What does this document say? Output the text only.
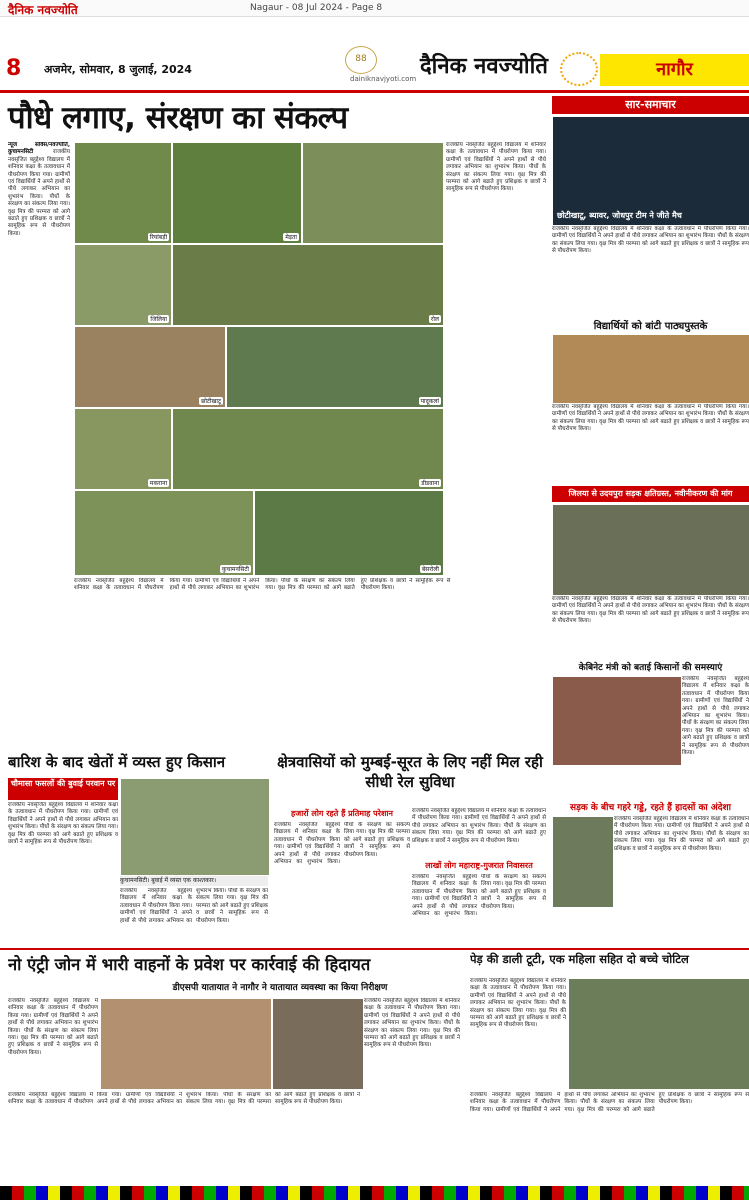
दैनिक नवज्योति	Nagaur - 08 Jul 2024 - Page 8
8	अजमेर, सोमवार, 8 जुलाई, 2024
88
dainiknavjyoti.com दैनिक नवज्योति	नागौर
पौधे लगाए, संरक्षण का संकल्प
न्यूज सर्विस/नवज्योति, कुचामनसिटी	राजकीय नवसृजित बहुद्देश्य विद्यालय में शनिवार कक्षा के तत्वावधान में पौधरोपण किया गया। ग्रामीणों एवं विद्यार्थियों ने अपने हाथों से पौधे लगाकर अभियान का शुभारंभ किया। पौधों के संरक्षण का संकल्प लिया गया। वृक्ष मित्र की परम्परा को आगे बढाते हुए प्रशिक्षक व छात्रों ने सामूहिक रूप से पौधरोपण किया।
रियांबड़ी	मेड़ता
जिलिया	रोल
छोटीखाटू	पादूकलां
मकराना	डीडवाना
कुचामनसिटी	बेसरोली
राजकीय नवसृजित बहुद्देश्य विद्यालय में शनिवार कक्षा के तत्वावधान में पौधरोपण किया गया। ग्रामीणों एवं विद्यार्थियों ने अपने हाथों से पौधे लगाकर अभियान का शुभारंभ किया। पौधों के संरक्षण का संकल्प लिया गया। वृक्ष मित्र की परम्परा को आगे बढाते हुए प्रशिक्षक व छात्रों ने सामूहिक रूप से पौधरोपण किया।
राजकीय नवसृजित बहुद्देश्य विद्यालय में शनिवार कक्षा के तत्वावधान में पौधरोपण किया गया। ग्रामीणों एवं विद्यार्थियों ने अपने हाथों से पौधे लगाकर अभियान का शुभारंभ किया। पौधों के संरक्षण का संकल्प लिया गया। वृक्ष मित्र की परम्परा को आगे बढाते हुए प्रशिक्षक व छात्रों ने सामूहिक रूप से पौधरोपण किया।
बारिश के बाद खेतों में व्यस्त हुए किसान
चौमासा फसलों की बुवाई परवान पर
राजकीय नवसृजित बहुद्देश्य विद्यालय में शनिवार कक्षा के तत्वावधान में पौधरोपण किया गया। ग्रामीणों एवं विद्यार्थियों ने अपने हाथों से पौधे लगाकर अभियान का शुभारंभ किया। पौधों के संरक्षण का संकल्प लिया गया। वृक्ष मित्र की परम्परा को आगे बढाते हुए प्रशिक्षक व छात्रों ने सामूहिक रूप से पौधरोपण किया।
कुचामनसिटी। बुवाई में व्यस्त एक काश्तकार।
राजकीय नवसृजित बहुद्देश्य विद्यालय में शनिवार कक्षा के तत्वावधान में पौधरोपण किया गया। ग्रामीणों एवं विद्यार्थियों ने अपने हाथों से पौधे लगाकर अभियान का शुभारंभ किया। पौधों के संरक्षण का संकल्प लिया गया। वृक्ष मित्र की परम्परा को आगे बढाते हुए प्रशिक्षक व छात्रों ने सामूहिक रूप से पौधरोपण किया।
क्षेत्रवासियों को मुम्बई-सूरत के लिए नहीं मिल रही सीधी रेल सुविधा
हजारों लोग रहते हैं प्रतिमाह परेशान
राजकीय नवसृजित बहुद्देश्य विद्यालय में शनिवार कक्षा के तत्वावधान में पौधरोपण किया गया। ग्रामीणों एवं विद्यार्थियों ने अपने हाथों से पौधे लगाकर अभियान का शुभारंभ किया। पौधों के संरक्षण का संकल्प लिया गया। वृक्ष मित्र की परम्परा को आगे बढाते हुए प्रशिक्षक व छात्रों ने सामूहिक रूप से पौधरोपण किया।
लाखों लोग महाराष्ट्र-गुजरात निवासरत
राजकीय नवसृजित बहुद्देश्य विद्यालय में शनिवार कक्षा के तत्वावधान में पौधरोपण किया गया। ग्रामीणों एवं विद्यार्थियों ने अपने हाथों से पौधे लगाकर अभियान का शुभारंभ किया। पौधों के संरक्षण का संकल्प लिया गया। वृक्ष मित्र की परम्परा को आगे बढाते हुए प्रशिक्षक व छात्रों ने सामूहिक रूप से पौधरोपण किया।
राजकीय नवसृजित बहुद्देश्य विद्यालय में शनिवार कक्षा के तत्वावधान में पौधरोपण किया गया। ग्रामीणों एवं विद्यार्थियों ने अपने हाथों से पौधे लगाकर अभियान का शुभारंभ किया। पौधों के संरक्षण का संकल्प लिया गया। वृक्ष मित्र की परम्परा को आगे बढाते हुए प्रशिक्षक व छात्रों ने सामूहिक रूप से पौधरोपण किया।
सार-समाचार
छोटीखाटू, ब्यावर, जोधपुर टीम ने जीते मैच
राजकीय नवसृजित बहुद्देश्य विद्यालय में शनिवार कक्षा के तत्वावधान में पौधरोपण किया गया। ग्रामीणों एवं विद्यार्थियों ने अपने हाथों से पौधे लगाकर अभियान का शुभारंभ किया। पौधों के संरक्षण का संकल्प लिया गया। वृक्ष मित्र की परम्परा को आगे बढाते हुए प्रशिक्षक व छात्रों ने सामूहिक रूप से पौधरोपण किया।
विद्यार्थियों को बांटी पाठ्यपुस्तके
राजकीय नवसृजित बहुद्देश्य विद्यालय में शनिवार कक्षा के तत्वावधान में पौधरोपण किया गया। ग्रामीणों एवं विद्यार्थियों ने अपने हाथों से पौधे लगाकर अभियान का शुभारंभ किया। पौधों के संरक्षण का संकल्प लिया गया। वृक्ष मित्र की परम्परा को आगे बढाते हुए प्रशिक्षक व छात्रों ने सामूहिक रूप से पौधरोपण किया।
जिलया से उदयपुरा सड़क क्षतिग्रस्त, नवीनीकरण की मांग
राजकीय नवसृजित बहुद्देश्य विद्यालय में शनिवार कक्षा के तत्वावधान में पौधरोपण किया गया। ग्रामीणों एवं विद्यार्थियों ने अपने हाथों से पौधे लगाकर अभियान का शुभारंभ किया। पौधों के संरक्षण का संकल्प लिया गया। वृक्ष मित्र की परम्परा को आगे बढाते हुए प्रशिक्षक व छात्रों ने सामूहिक रूप से पौधरोपण किया।
केबिनेट मंत्री को बताई किसानों की समस्याएं
राजकीय नवसृजित बहुद्देश्य विद्यालय में शनिवार कक्षा के तत्वावधान में पौधरोपण किया गया। ग्रामीणों एवं विद्यार्थियों ने अपने हाथों से पौधे लगाकर अभियान का शुभारंभ किया। पौधों के संरक्षण का संकल्प लिया गया। वृक्ष मित्र की परम्परा को आगे बढाते हुए प्रशिक्षक व छात्रों ने सामूहिक रूप से पौधरोपण किया।
सड़क के बीच गहरे गड्डे, रहते हैं हादसों का अंदेशा
राजकीय नवसृजित बहुद्देश्य विद्यालय में शनिवार कक्षा के तत्वावधान में पौधरोपण किया गया। ग्रामीणों एवं विद्यार्थियों ने अपने हाथों से पौधे लगाकर अभियान का शुभारंभ किया। पौधों के संरक्षण का संकल्प लिया गया। वृक्ष मित्र की परम्परा को आगे बढाते हुए प्रशिक्षक व छात्रों ने सामूहिक रूप से पौधरोपण किया।
नो एंट्री जोन में भारी वाहनों के प्रवेश पर कार्रवाई की हिदायत
डीएसपी यातायात ने नागौर ने यातायात व्यवस्था का किया निरीक्षण
राजकीय नवसृजित बहुद्देश्य विद्यालय में शनिवार कक्षा के तत्वावधान में पौधरोपण किया गया। ग्रामीणों एवं विद्यार्थियों ने अपने हाथों से पौधे लगाकर अभियान का शुभारंभ किया। पौधों के संरक्षण का संकल्प लिया गया। वृक्ष मित्र की परम्परा को आगे बढाते हुए प्रशिक्षक व छात्रों ने सामूहिक रूप से पौधरोपण किया।
राजकीय नवसृजित बहुद्देश्य विद्यालय में शनिवार कक्षा के तत्वावधान में पौधरोपण किया गया। ग्रामीणों एवं विद्यार्थियों ने अपने हाथों से पौधे लगाकर अभियान का शुभारंभ किया। पौधों के संरक्षण का संकल्प लिया गया। वृक्ष मित्र की परम्परा को आगे बढाते हुए प्रशिक्षक व छात्रों ने सामूहिक रूप से पौधरोपण किया।
राजकीय नवसृजित बहुद्देश्य विद्यालय में शनिवार कक्षा के तत्वावधान में पौधरोपण किया गया। ग्रामीणों एवं विद्यार्थियों ने अपने हाथों से पौधे लगाकर अभियान का शुभारंभ किया। पौधों के संरक्षण का संकल्प लिया गया। वृक्ष मित्र की परम्परा को आगे बढाते हुए प्रशिक्षक व छात्रों ने सामूहिक रूप से पौधरोपण किया।
पेड़ की डाली टूटी, एक महिला सहित दो बच्चे चोटिल
राजकीय नवसृजित बहुद्देश्य विद्यालय में शनिवार कक्षा के तत्वावधान में पौधरोपण किया गया। ग्रामीणों एवं विद्यार्थियों ने अपने हाथों से पौधे लगाकर अभियान का शुभारंभ किया। पौधों के संरक्षण का संकल्प लिया गया। वृक्ष मित्र की परम्परा को आगे बढाते हुए प्रशिक्षक व छात्रों ने सामूहिक रूप से पौधरोपण किया।
राजकीय नवसृजित बहुद्देश्य विद्यालय में शनिवार कक्षा के तत्वावधान में पौधरोपण किया गया। ग्रामीणों एवं विद्यार्थियों ने अपने हाथों से पौधे लगाकर अभियान का शुभारंभ किया। पौधों के संरक्षण का संकल्प लिया गया। वृक्ष मित्र की परम्परा को आगे बढाते हुए प्रशिक्षक व छात्रों ने सामूहिक रूप से पौधरोपण किया।
